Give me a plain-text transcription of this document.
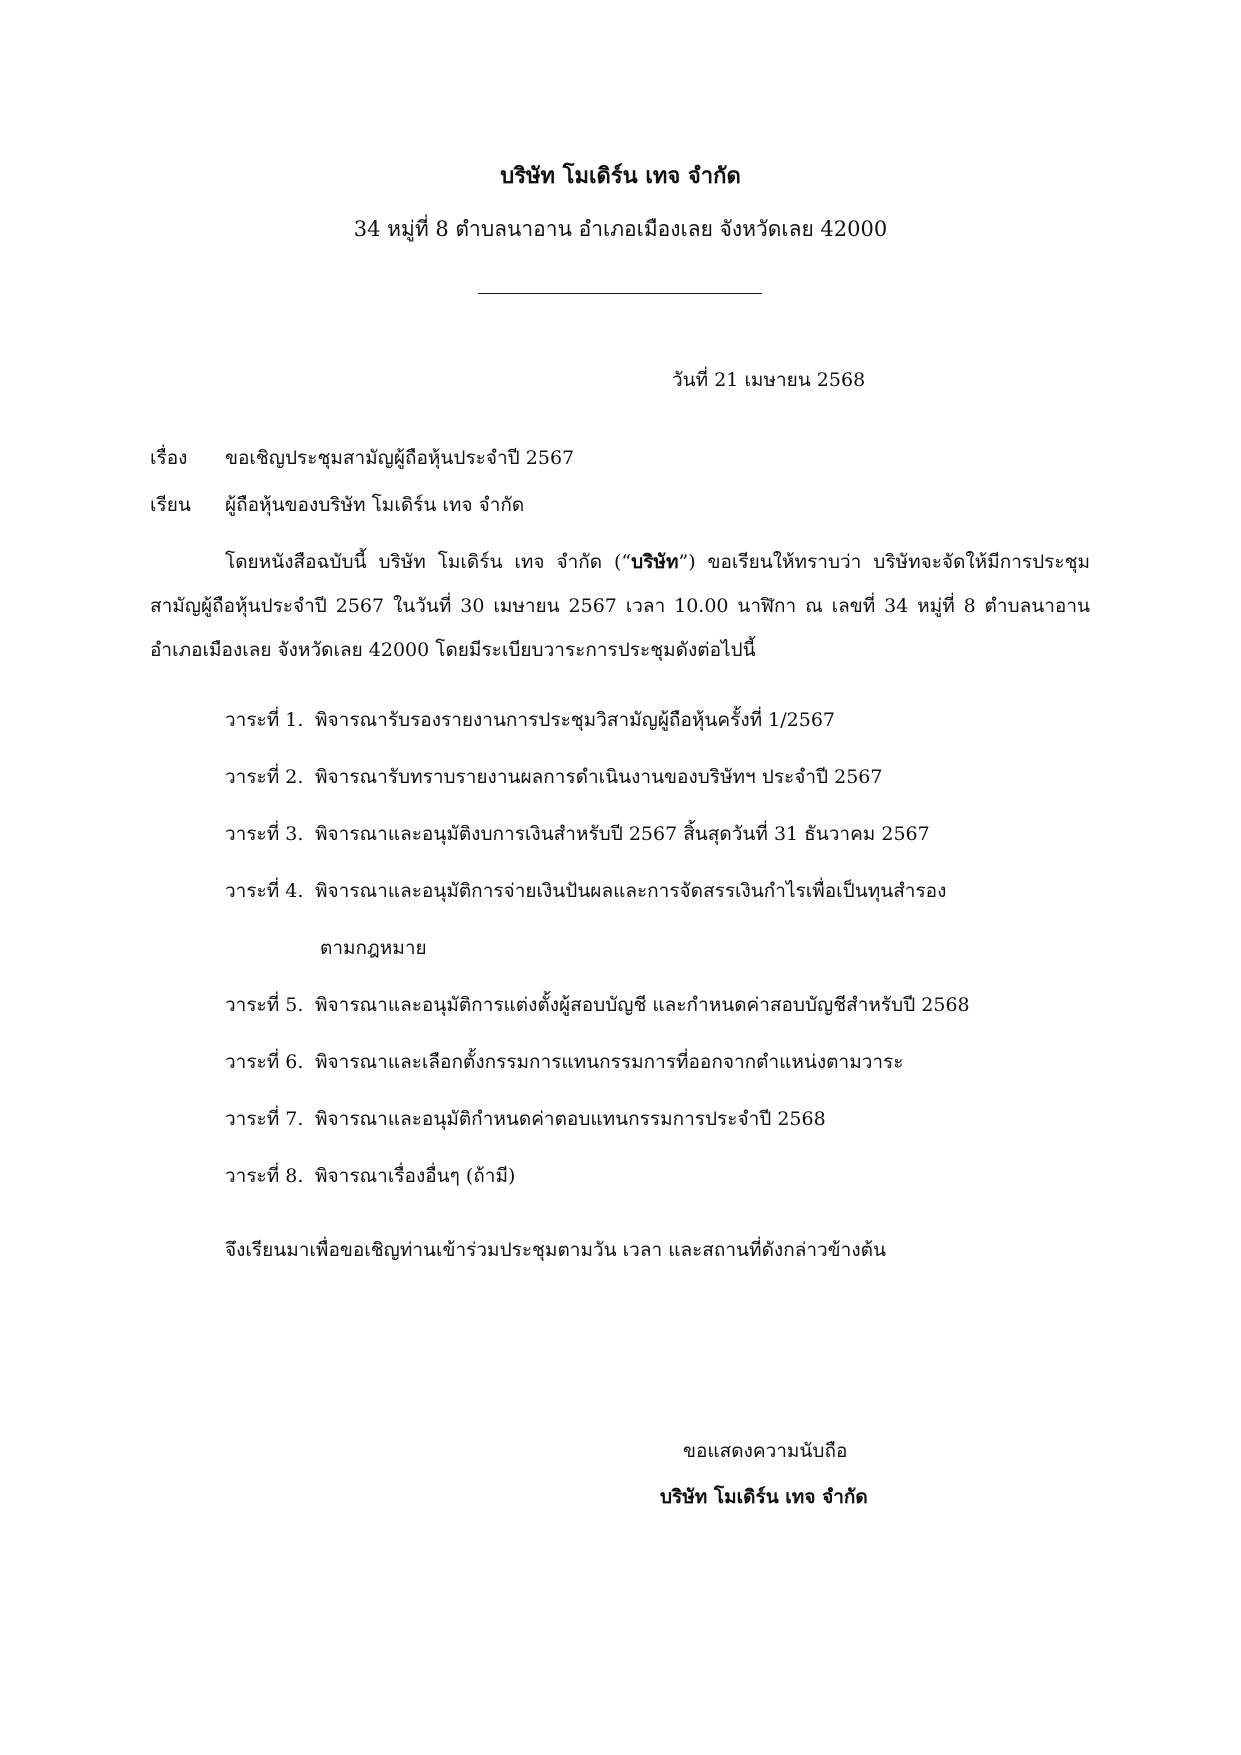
บริษัท โมเดิร์น เทจ จำกัด
34 หมู่ที่ 8 ตำบลนาอาน อำเภอเมืองเลย จังหวัดเลย 42000
วันที่ 21 เมษายน 2568
เรื่อง ขอเชิญประชุมสามัญผู้ถือหุ้นประจำปี 2567
เรียน ผู้ถือหุ้นของบริษัท โมเดิร์น เทจ จำกัด
โดยหนังสือฉบับนี้ บริษัท โมเดิร์น เทจ จำกัด (“บริษัท”) ขอเรียนให้ทราบว่า บริษัทจะจัดให้มีการประชุมสามัญผู้ถือหุ้นประจำปี 2567 ในวันที่ 30 เมษายน 2567 เวลา 10.00 นาฬิกา ณ เลขที่ 34 หมู่ที่ 8 ตำบลนาอาน อำเภอเมืองเลย จังหวัดเลย 42000 โดยมีระเบียบวาระการประชุมดังต่อไปนี้
วาระที่ 1. พิจารณารับรองรายงานการประชุมวิสามัญผู้ถือหุ้นครั้งที่ 1/2567
วาระที่ 2. พิจารณารับทราบรายงานผลการดำเนินงานของบริษัทฯ ประจำปี 2567
วาระที่ 3. พิจารณาและอนุมัติงบการเงินสำหรับปี 2567 สิ้นสุดวันที่ 31 ธันวาคม 2567
วาระที่ 4. พิจารณาและอนุมัติการจ่ายเงินปันผลและการจัดสรรเงินกำไรเพื่อเป็นทุนสำรอง
ตามกฎหมาย
วาระที่ 5. พิจารณาและอนุมัติการแต่งตั้งผู้สอบบัญชี และกำหนดค่าสอบบัญชีสำหรับปี 2568
วาระที่ 6. พิจารณาและเลือกตั้งกรรมการแทนกรรมการที่ออกจากตำแหน่งตามวาระ
วาระที่ 7. พิจารณาและอนุมัติกำหนดค่าตอบแทนกรรมการประจำปี 2568
วาระที่ 8. พิจารณาเรื่องอื่นๆ (ถ้ามี)
จึงเรียนมาเพื่อขอเชิญท่านเข้าร่วมประชุมตามวัน เวลา และสถานที่ดังกล่าวข้างต้น
ขอแสดงความนับถือ
บริษัท โมเดิร์น เทจ จำกัด
